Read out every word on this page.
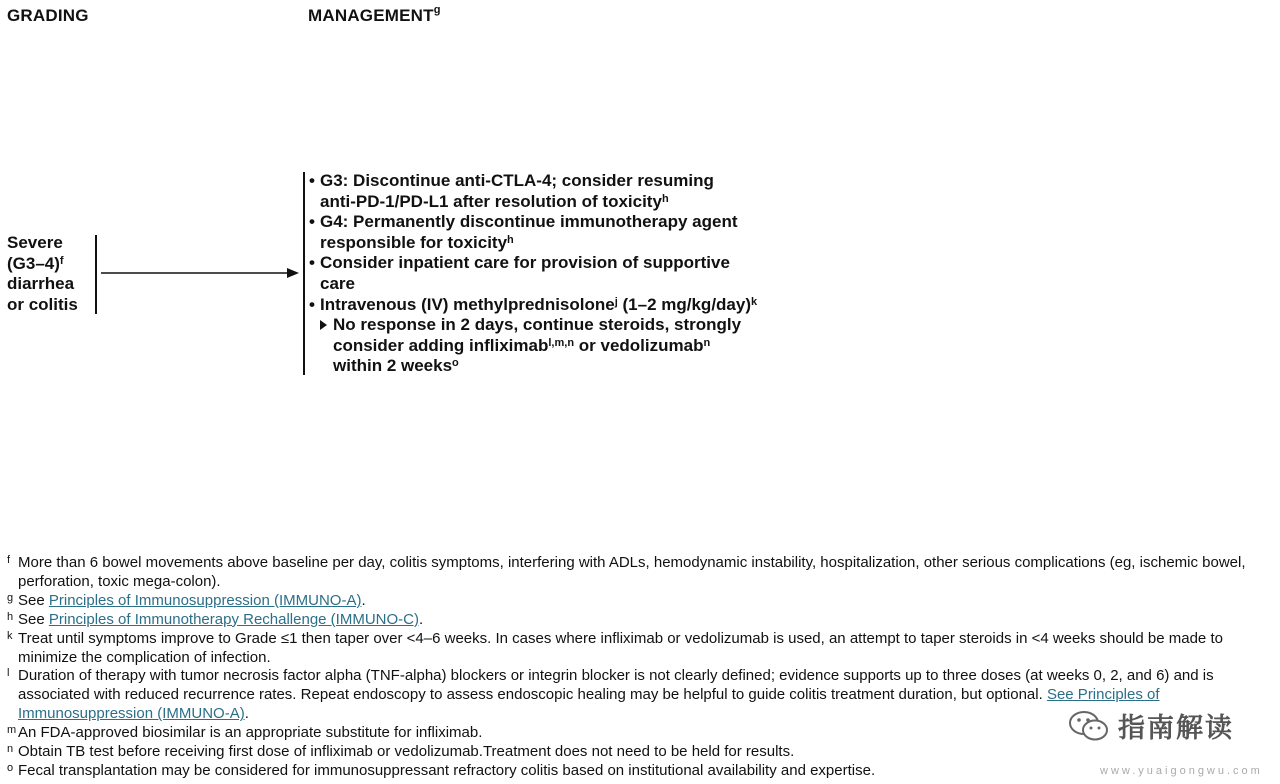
GRADING	MANAGEMENT$^g$
Severe
$(G3-4)^f$
diarrhea
or colitis
• G3: Discontinue anti-CTLA-4; consider resuming
anti-PD-1/PD-L1 after resolution of toxicity$^h$
• G4: Permanently discontinue immunotherapy agent
responsible for toxicity$^h$
• Consider inpatient care for provision of supportive
care
• Intravenous (IV) methylprednisolone$^j$ (1–2 mg/kg/day)$^k$
No response in 2 days, continue steroids, strongly
consider adding infliximab$^{l,m,n}$ or vedolizumab$^n$
within 2 weeks$^o$
f More than 6 bowel movements above baseline per day, colitis symptoms, interfering with ADLs, hemodynamic instability, hospitalization, other serious complications (eg, ischemic bowel, perforation, toxic mega-colon).
g See Principles of Immunosuppression (IMMUNO-A).
h See Principles of Immunotherapy Rechallenge (IMMUNO-C).
k Treat until symptoms improve to Grade ≤1 then taper over <4–6 weeks. In cases where infliximab or vedolizumab is used, an attempt to taper steroids in <4 weeks should be made to minimize the complication of infection.
l Duration of therapy with tumor necrosis factor alpha (TNF-alpha) blockers or integrin blocker is not clearly defined; evidence supports up to three doses (at weeks 0, 2, and 6) and is associated with reduced recurrence rates. Repeat endoscopy to assess endoscopic healing may be helpful to guide colitis treatment duration, but optional. See Principles of Immunosuppression (IMMUNO-A).
m An FDA-approved biosimilar is an appropriate substitute for infliximab.
n Obtain TB test before receiving first dose of infliximab or vedolizumab.Treatment does not need to be held for results.
o Fecal transplantation may be considered for immunosuppressant refractory colitis based on institutional availability and expertise.
指南解读
www.yuaigongwu.com
